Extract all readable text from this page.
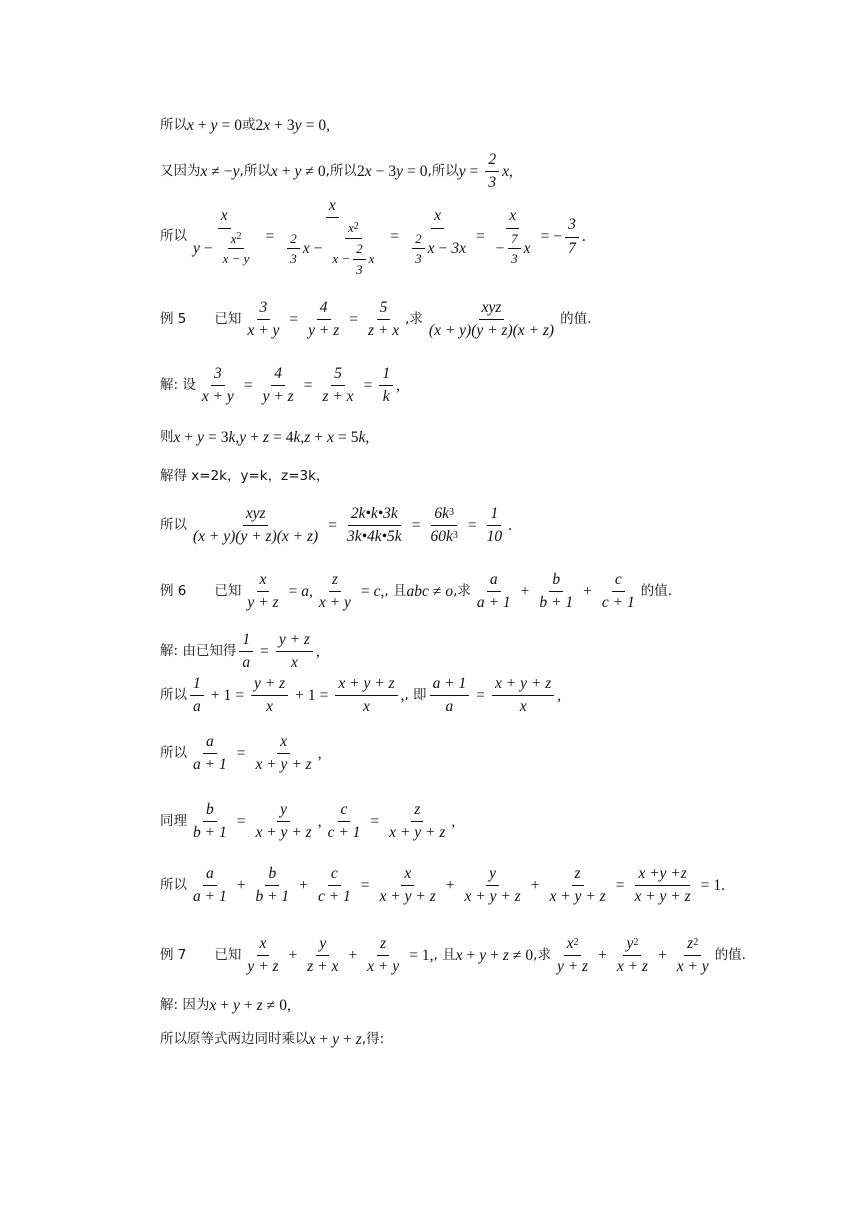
所以 x + y = 0 或 2 x + 3 y = 0 ,
又因为 x ≠ − y ,所以 x + y ≠ 0 ,所以 2 x − 3 y = 0 ,所以 $y = \frac{2}{3}$ x ,
所以 $\frac{x}{y - \frac{x^2}{x - y}} = \frac{x}{\frac{2}{3} x - \frac{x^2}{x - \frac{2}{3} x}} = \frac{x}{\frac{2}{3} x - 3x} = \frac{x}{- \frac{7}{3} x}$ = − $\frac{3}{7}$ .
例 5 已知 $\frac{3}{x + y} = \frac{4}{y + z} = \frac{5}{z + x}$ ,求 $\frac{\text{xyz}}{(x + y)(y + z)(x + z)}$ 的值.
解: 设 $\frac{3}{x + y} = \frac{4}{y + z} = \frac{5}{z + x} = \frac{1}{k}$ ,
则 x + y = 3 k , y + z = 4 k , z + x = 5 k ,
解得 x=2k，y=k，z=3k，
所以 $\frac{\text{xyz}}{(x + y)(y + z)(x + z)} = \frac{2k•k•3k}{3k•4k•5k} = \frac{6k^3}{60k^3} = \frac{1}{10}$ .
例 6 已知 $\frac{x}{y + z} = a$ , $\frac{z}{x + y} = c$ , , 且 abc ≠ o ,求 $\frac{a}{a + 1} + \frac{b}{b + 1} + \frac{c}{c + 1}$ 的值.
解: 由已知得 $\frac{1}{a} = \frac{y + z}{x}$ ,
所以 $\frac{1}{a} + 1 = \frac{y + z}{x} + 1 = \frac{x + y + z}{x}$ , , 即 $\frac{a + 1}{a} = \frac{x + y + z}{x}$ ,
所以 $\frac{a}{a + 1} = \frac{x}{x + y + z}$ ,
同理 $\frac{b}{b + 1} = \frac{y}{x + y + z}$ , $\frac{c}{c + 1} = \frac{z}{x + y + z}$ ,
所以 $\frac{a}{a + 1} + \frac{b}{b + 1} + \frac{c}{c + 1} = \frac{x}{x + y + z} + \frac{y}{x + y + z} + \frac{z}{x + y + z} = \frac{x +y +z}{x + y + z} = 1$ .
例 7 已知 $\frac{x}{y + z} + \frac{y}{z + x} + \frac{z}{x + y} = 1$, , 且 x + y + z ≠ 0 ,求 $\frac{x^2}{y + z} + \frac{y^2}{x + z} + \frac{z^2}{x + y}$ 的值.
解: 因为 x + y + z ≠ 0 ,
所以原等式两边同时乘以 x + y + z ,得:
